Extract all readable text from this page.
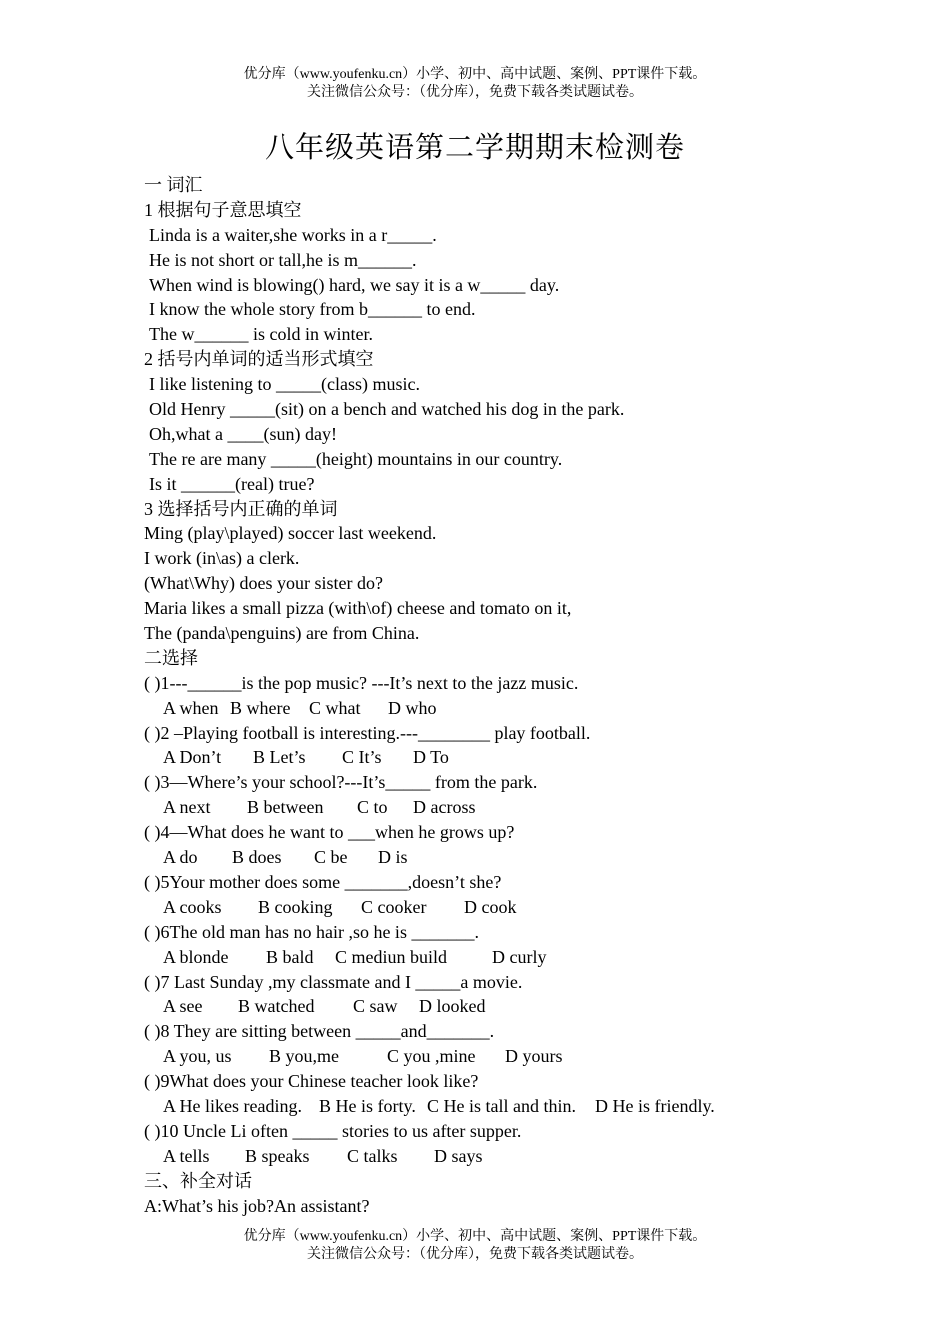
优分库（www.youfenku.cn）小学、初中、高中试题、案例、PPT课件下载。
关注微信公众号：（优分库），免费下载各类试题试卷。
八年级英语第二学期期末检测卷
一 词汇
1 根据句子意思填空
Linda is a waiter,she works in a r_____.
He is not short or tall,he is m______.
When wind is blowing() hard, we say it is a w_____ day.
I know the whole story from b______ to end.
The w______ is cold in winter.
2 括号内单词的适当形式填空
I like listening to _____(class) music.
Old Henry _____(sit) on a bench and watched his dog in the park.
Oh,what a ____(sun) day!
The re are many _____(height) mountains in our country.
Is it ______(real) true?
3 选择括号内正确的单词
Ming (play\played) soccer last weekend.
I work (in\as) a clerk.
(What\Why) does your sister do?
Maria likes a small pizza (with\of) cheese and tomato on it,
The (panda\penguins) are from China.
二选择
( )1---______is the pop music? ---It’s next to the jazz music.
A when B where C what D who
( )2 –Playing football is interesting.---________ play football.
A Don’t B Let’s C It’s D To
( )3—Where’s your school?---It’s_____ from the park.
A next B between C to D across
( )4—What does he want to ___when he grows up?
A do B does C be D is
( )5Your mother does some _______,doesn’t she?
A cooks B cooking C cooker D cook
( )6The old man has no hair ,so he is _______.
A blonde B bald C mediun build	D curly
( )7 Last Sunday ,my classmate and I _____a movie.
A see B watched C saw D looked
( )8 They are sitting between _____and_______.
A you, us B you,me	C you ,mine D yours
( )9What does your Chinese teacher look like?
A He likes reading. B He is forty. C He is tall and thin. D He is friendly.
( )10 Uncle Li often _____ stories to us after supper.
A tells B speaks C talks D says
三、补全对话
A:What’s his job?An assistant?
优分库（www.youfenku.cn）小学、初中、高中试题、案例、PPT课件下载。
关注微信公众号：（优分库），免费下载各类试题试卷。
